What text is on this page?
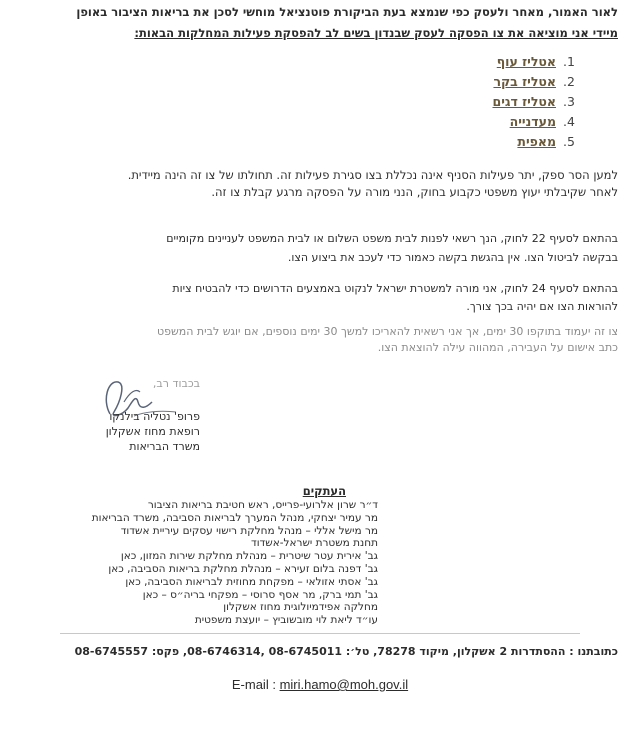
לאור האמור, מאחר ולעסק כפי שנמצא בעת הביקורת פוטנציאל מוחשי לסכן את בריאות הציבור באופן
מיידי אני מוציאה את צו הפסקה לעסק שבנדון בשים לב להפסקת פעילות המחלקות הבאות:
1.
אטליז עוף
2.
אטליז בקר
3.
אטליז דגים
4.
מעדנייה
5.
מאפית
למען הסר ספק, יתר פעילות הסניף אינה נכללת בצו סגירת פעילות זה. תחולתו של צו זה הינה מיידית.
לאחר שקיבלתי יעוץ משפטי כקבוע בחוק, הנני מורה על הפסקה מרגע קבלת צו זה.
בהתאם לסעיף 22 לחוק, הנך רשאי לפנות לבית משפט השלום או לבית המשפט לעניינים מקומיים
בבקשה לביטול הצו. אין בהגשת בקשה כאמור כדי לעכב את ביצוע הצו.
בהתאם לסעיף 24 לחוק, אני מורה למשטרת ישראל לנקוט באמצעים הדרושים כדי להבטיח ציות
להוראות הצו אם יהיה בכך צורך.
צו זה יעמוד בתוקפו 30 ימים, אך אני רשאית להאריכו למשך 30 ימים נוספים, אם יוגש לבית המשפט
כתב אישום על העבירה, המהווה עילה להוצאת הצו.
בכבוד רב,
פרופ' נטליה בילנקו
רופאת מחוז אשקלון
משרד הבריאות
העתקים
ד״ר שרון אלרועי-פרייס, ראש חטיבת בריאות הציבור
מר עמיר יצחקי, מנהל המערך לבריאות הסביבה, משרד הבריאות
מר מישל אללי – מנהל מחלקת רישוי עסקים עיריית אשדוד
תחנת משטרת ישראל-אשדוד
גב' אירית עטר שיטרית – מנהלת מחלקת שירות המזון, כאן
גב' דפנה בלום זעירא – מנהלת מחלקת בריאות הסביבה, כאן
גב' אסתי אזולאי – מפקחת מחוזית לבריאות הסביבה, כאן
גב' תמי ברק, מר אסף סרוסי – מפקחי בריה״ס – כאן
מחלקה אפידמיולוגית מחוז אשקלון
עו״ד ליאת לוי מובשוביץ – יועצת משפטית
כתובתנו : ההסתדרות 2 אשקלון, מיקוד 78278, טל׳: 08-6745011 ,08-6746314, פקס: 08-6745557
E-mail : miri.hamo@moh.gov.il
